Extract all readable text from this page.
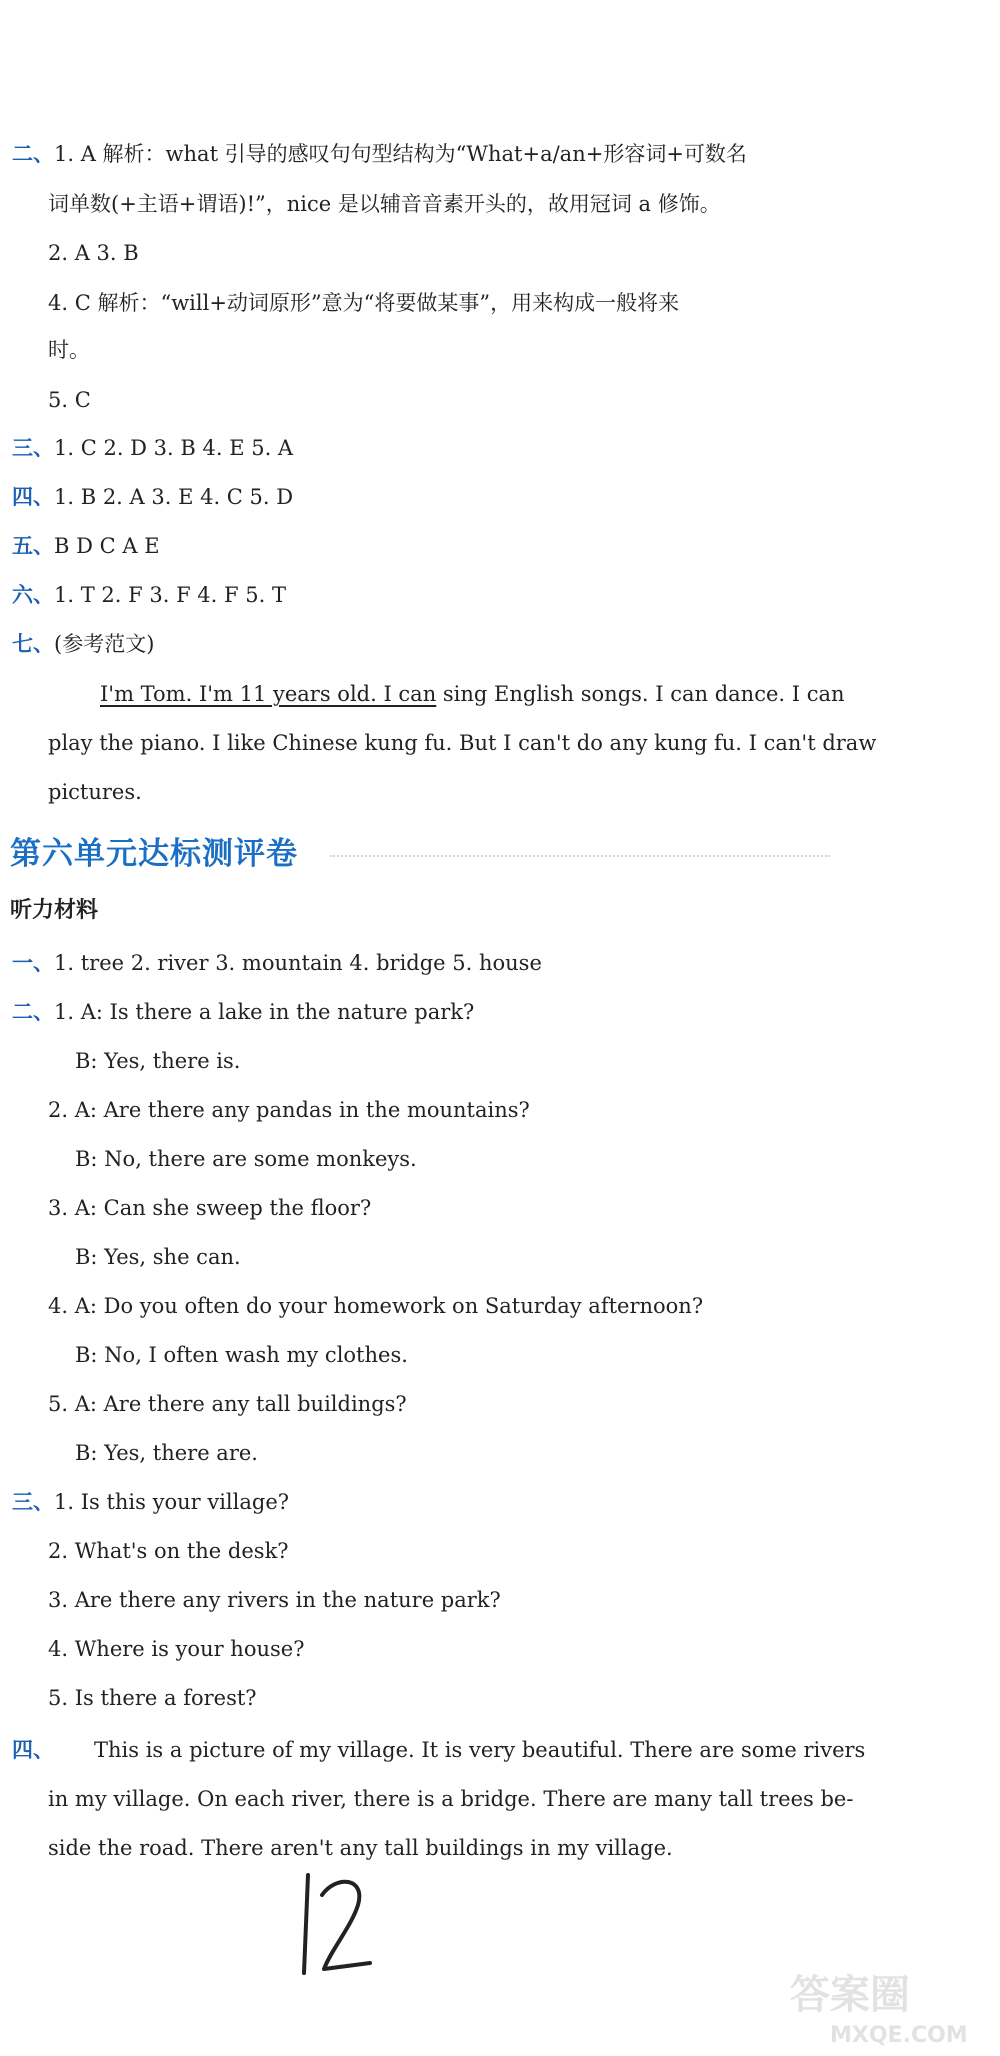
二、1. A 解析：what 引导的感叹句句型结构为“What+a/an+形容词+可数名
词单数(+主语+谓语)!”，nice 是以辅音音素开头的，故用冠词 a 修饰。
2. A 3. B
4. C 解析：“will+动词原形”意为“将要做某事”，用来构成一般将来
时。
5. C
三、1. C 2. D 3. B 4. E 5. A
四、1. B 2. A 3. E 4. C 5. D
五、B D C A E
六、1. T 2. F 3. F 4. F 5. T
七、(参考范文)
I'm Tom. I'm 11 years old. I can sing English songs. I can dance. I can
play the piano. I like Chinese kung fu. But I can't do any kung fu. I can't draw
pictures.
第六单元达标测评卷
听力材料
一、1. tree 2. river 3. mountain 4. bridge 5. house
二、1. A: Is there a lake in the nature park?
B: Yes, there is.
2. A: Are there any pandas in the mountains?
B: No, there are some monkeys.
3. A: Can she sweep the floor?
B: Yes, she can.
4. A: Do you often do your homework on Saturday afternoon?
B: No, I often wash my clothes.
5. A: Are there any tall buildings?
B: Yes, there are.
三、1. Is this your village?
2. What's on the desk?
3. Are there any rivers in the nature park?
4. Where is your house?
5. Is there a forest?
四、 This is a picture of my village. It is very beautiful. There are some rivers
in my village. On each river, there is a bridge. There are many tall trees be-
side the road. There aren't any tall buildings in my village.
答案圈
MXQE.COM
